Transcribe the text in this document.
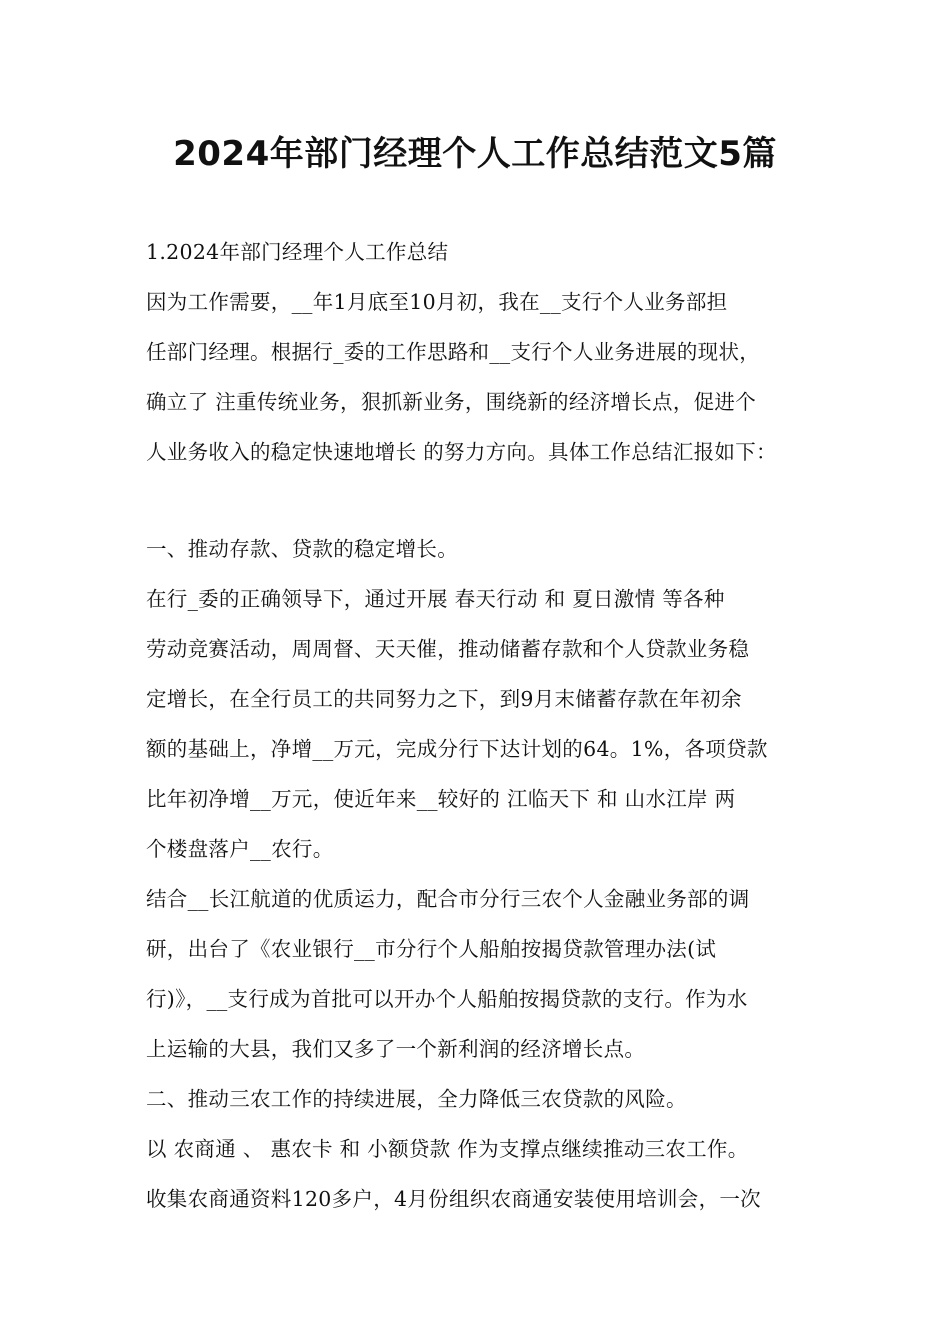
2024年部门经理个人工作总结范文5篇
1.2024年部门经理个人工作总结
因为工作需要，__年1月底至10月初，我在__支行个人业务部担
任部门经理。根据行_委的工作思路和__支行个人业务进展的现状，
确立了 注重传统业务，狠抓新业务，围绕新的经济增长点，促进个
人业务收入的稳定快速地增长 的努力方向。具体工作总结汇报如下：
一、推动存款、贷款的稳定增长。
在行_委的正确领导下，通过开展 春天行动 和 夏日激情 等各种
劳动竞赛活动，周周督、天天催，推动储蓄存款和个人贷款业务稳
定增长，在全行员工的共同努力之下，到9月末储蓄存款在年初余
额的基础上，净增__万元，完成分行下达计划的64。1%，各项贷款
比年初净增__万元，使近年来__较好的 江临天下 和 山水江岸 两
个楼盘落户__农行。
结合__长江航道的优质运力，配合市分行三农个人金融业务部的调
研，出台了《农业银行__市分行个人船舶按揭贷款管理办法(试
行)》，__支行成为首批可以开办个人船舶按揭贷款的支行。作为水
上运输的大县，我们又多了一个新利润的经济增长点。
二、推动三农工作的持续进展，全力降低三农贷款的风险。
以 农商通 、 惠农卡 和 小额贷款 作为支撑点继续推动三农工作。
收集农商通资料120多户，4月份组织农商通安装使用培训会，一次
